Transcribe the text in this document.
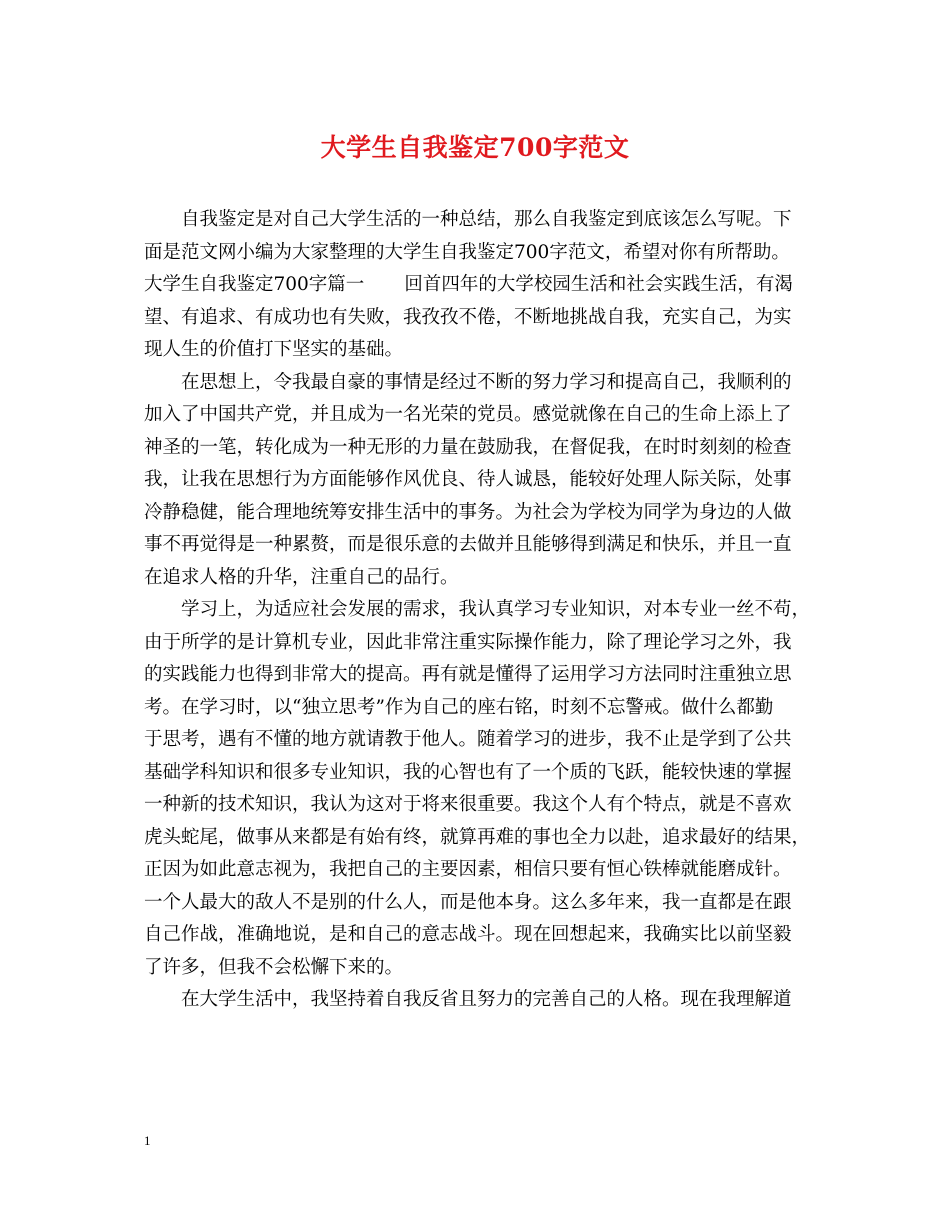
大学生自我鉴定700字范文
自我鉴定是对自己大学生活的一种总结，那么自我鉴定到底该怎么写呢。下
面是范文网小编为大家整理的大学生自我鉴定700字范文，希望对你有所帮助。
大学生自我鉴定700字篇一 回首四年的大学校园生活和社会实践生活，有渴
望、有追求、有成功也有失败，我孜孜不倦，不断地挑战自我，充实自己，为实
现人生的价值打下坚实的基础。
在思想上，令我最自豪的事情是经过不断的努力学习和提高自己，我顺利的
加入了中国共产党，并且成为一名光荣的党员。感觉就像在自己的生命上添上了
神圣的一笔，转化成为一种无形的力量在鼓励我，在督促我，在时时刻刻的检查
我，让我在思想行为方面能够作风优良、待人诚恳，能较好处理人际关际，处事
冷静稳健，能合理地统筹安排生活中的事务。为社会为学校为同学为身边的人做
事不再觉得是一种累赘，而是很乐意的去做并且能够得到满足和快乐，并且一直
在追求人格的升华，注重自己的品行。
学习上，为适应社会发展的需求，我认真学习专业知识，对本专业一丝不苟，
由于所学的是计算机专业，因此非常注重实际操作能力，除了理论学习之外，我
的实践能力也得到非常大的提高。再有就是懂得了运用学习方法同时注重独立思
考。在学习时，以“独立思考”作为自己的座右铭，时刻不忘警戒。做什么都勤
于思考，遇有不懂的地方就请教于他人。随着学习的进步，我不止是学到了公共
基础学科知识和很多专业知识，我的心智也有了一个质的飞跃，能较快速的掌握
一种新的技术知识，我认为这对于将来很重要。我这个人有个特点，就是不喜欢
虎头蛇尾，做事从来都是有始有终，就算再难的事也全力以赴，追求最好的结果，
正因为如此意志视为，我把自己的主要因素，相信只要有恒心铁棒就能磨成针。
一个人最大的敌人不是别的什么人，而是他本身。这么多年来，我一直都是在跟
自己作战，准确地说，是和自己的意志战斗。现在回想起来，我确实比以前坚毅
了许多，但我不会松懈下来的。
在大学生活中，我坚持着自我反省且努力的完善自己的人格。现在我理解道
1
